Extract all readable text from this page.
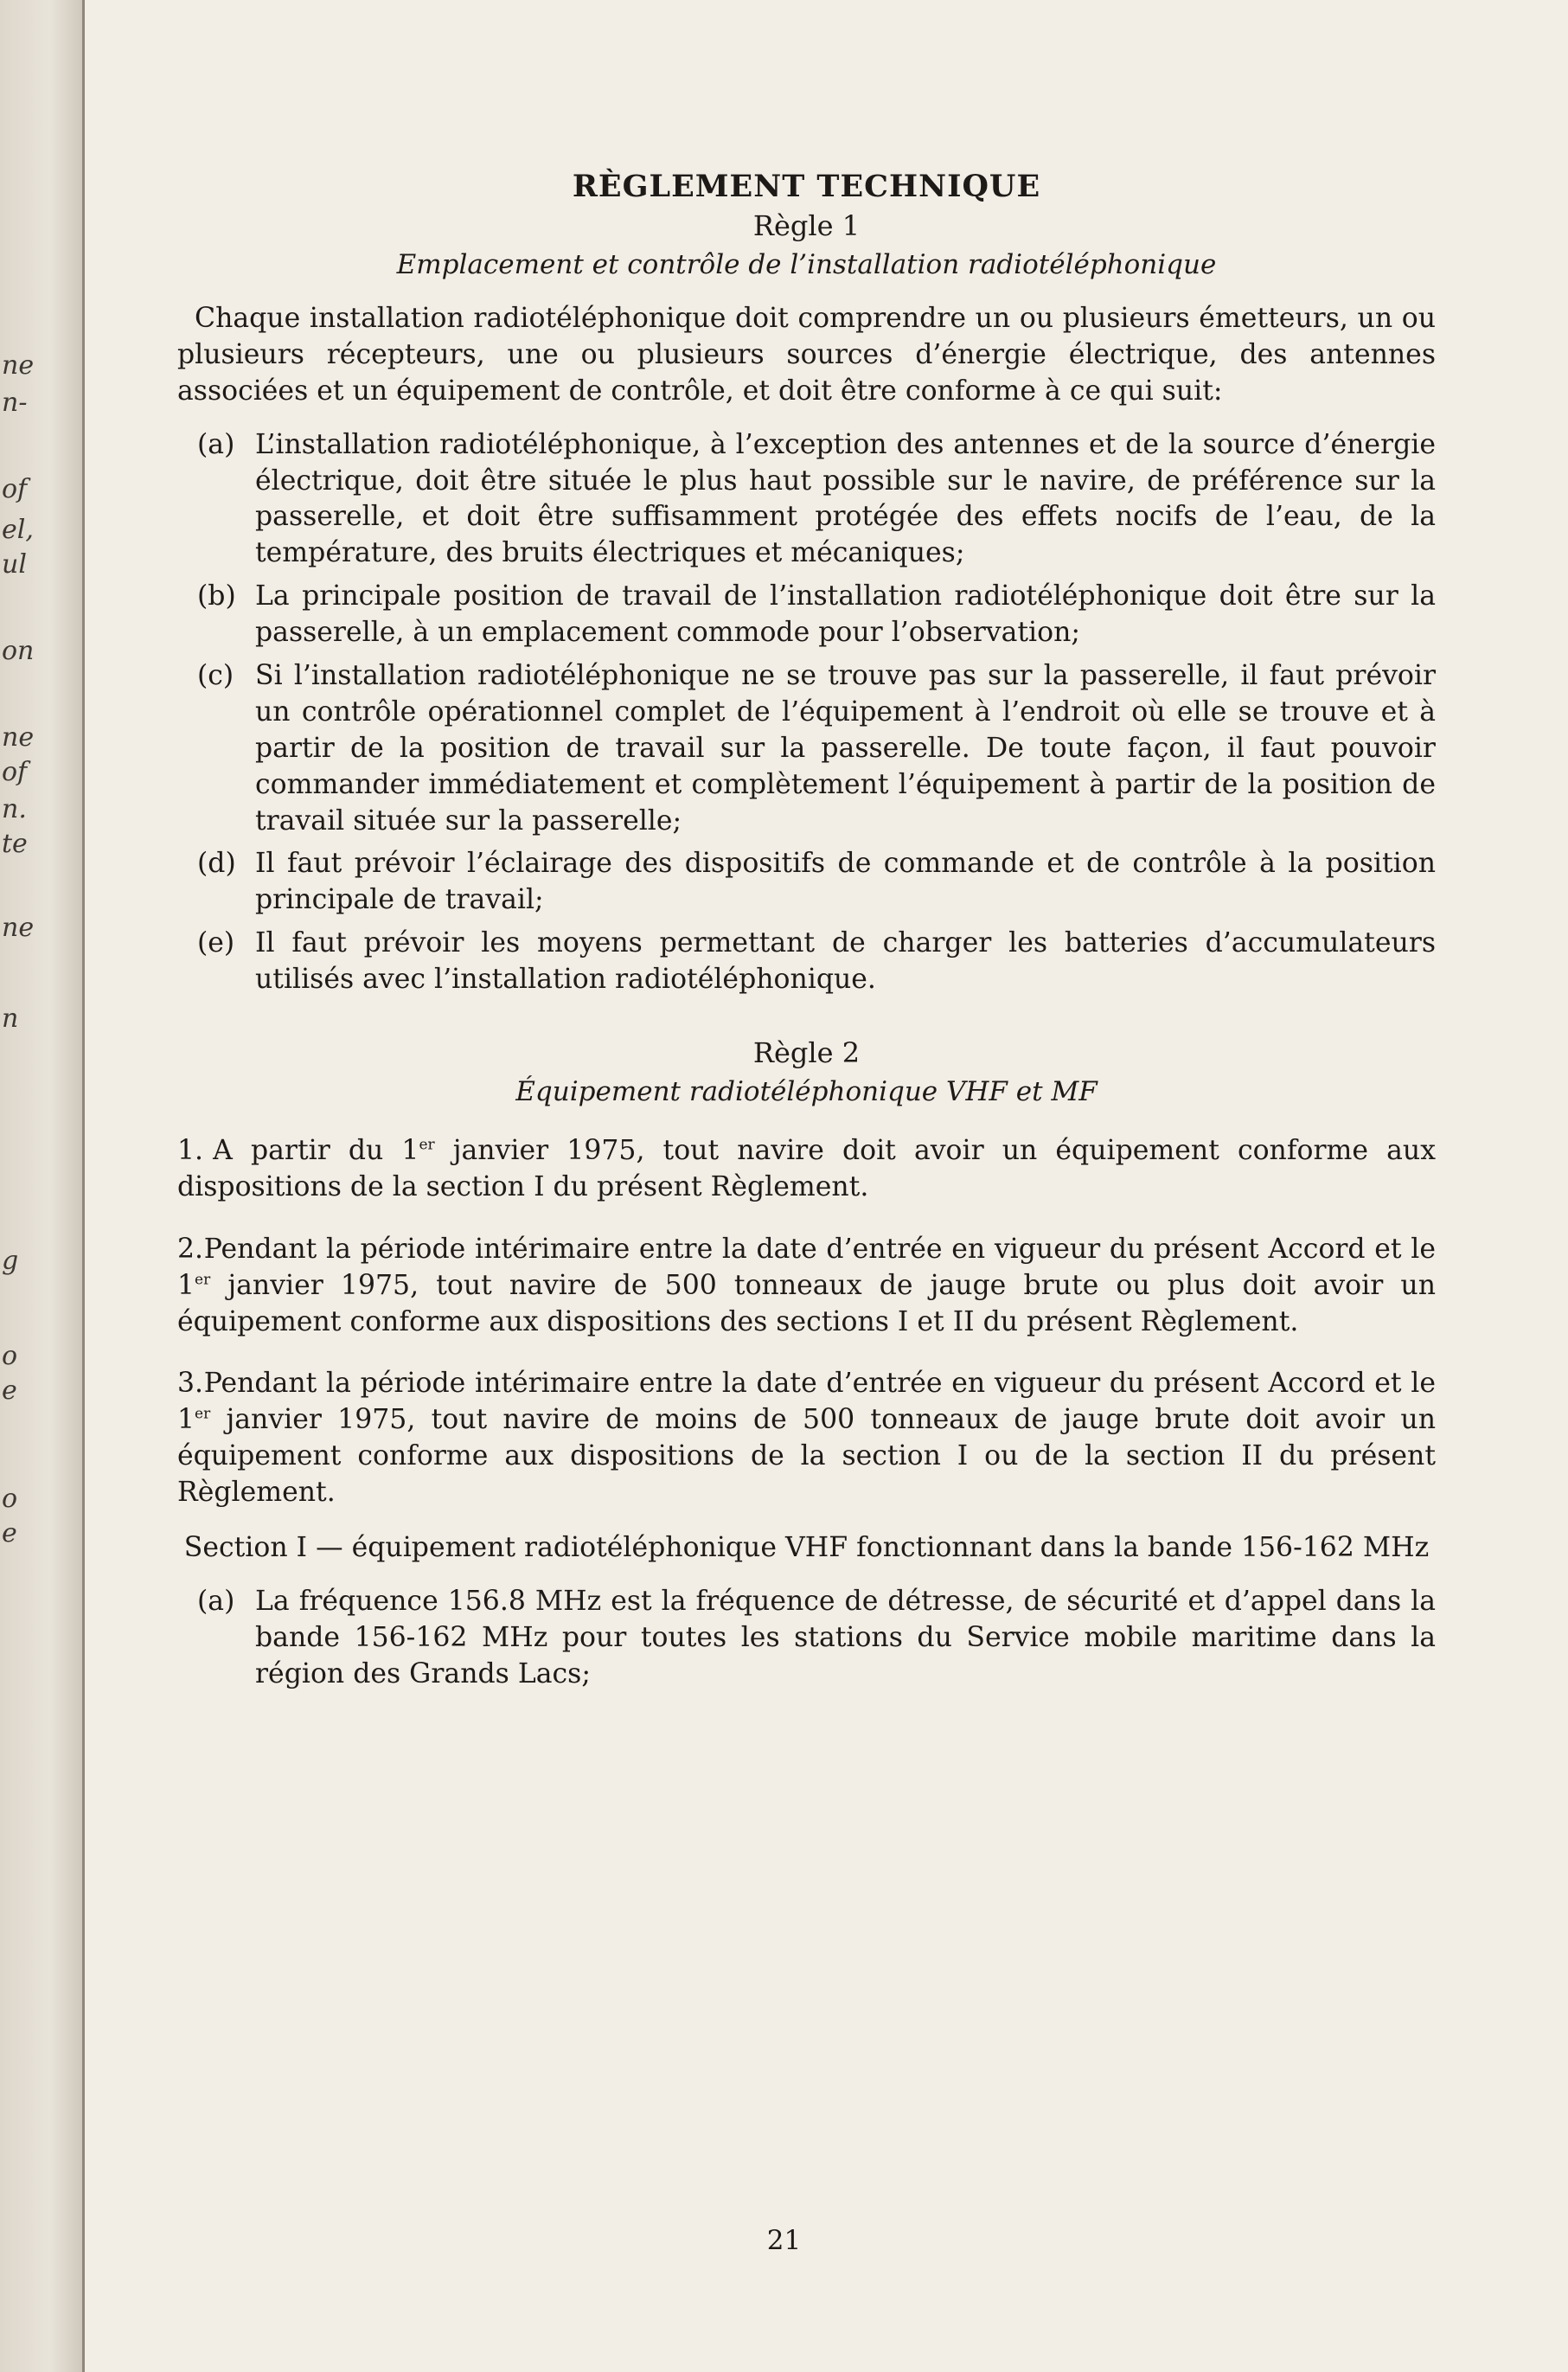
ne
n-
of
el,
ul
on
ne
of
n.
te
ne
n
g
o
e
o
e
RÈGLEMENT TECHNIQUE

Règle 1

Emplacement et contrôle de l’installation radiotéléphonique

Chaque installation radiotéléphonique doit comprendre un ou plusieurs émetteurs, un ou plusieurs récepteurs, une ou plusieurs sources d’énergie électrique, des antennes associées et un équipement de contrôle, et doit être conforme à ce qui suit:

(a) L’installation radiotéléphonique, à l’exception des antennes et de la source d’énergie électrique, doit être située le plus haut possible sur le navire, de préférence sur la passerelle, et doit être suffisamment protégée des effets nocifs de l’eau, de la température, des bruits électriques et mécaniques;
(b) La principale position de travail de l’installation radiotéléphonique doit être sur la passerelle, à un emplacement commode pour l’observation;
(c) Si l’installation radiotéléphonique ne se trouve pas sur la passerelle, il faut prévoir un contrôle opérationnel complet de l’équipement à l’endroit où elle se trouve et à partir de la position de travail sur la passerelle. De toute façon, il faut pouvoir commander immédiatement et complètement l’équipement à partir de la position de travail située sur la passerelle;
(d) Il faut prévoir l’éclairage des dispositifs de commande et de contrôle à la position principale de travail;
(e) Il faut prévoir les moyens permettant de charger les batteries d’accumulateurs utilisés avec l’installation radiotéléphonique.

Règle 2

Équipement radiotéléphonique VHF et MF

1. A partir du 1er janvier 1975, tout navire doit avoir un équipement conforme aux dispositions de la section I du présent Règlement.

2. Pendant la période intérimaire entre la date d’entrée en vigueur du présent Accord et le 1er janvier 1975, tout navire de 500 tonneaux de jauge brute ou plus doit avoir un équipement conforme aux dispositions des sections I et II du présent Règlement.

3. Pendant la période intérimaire entre la date d’entrée en vigueur du présent Accord et le 1er janvier 1975, tout navire de moins de 500 tonneaux de jauge brute doit avoir un équipement conforme aux dispositions de la section I ou de la section II du présent Règlement.

Section I — équipement radiotéléphonique VHF fonctionnant dans la bande 156-162 MHz

(a) La fréquence 156.8 MHz est la fréquence de détresse, de sécurité et d’appel dans la bande 156-162 MHz pour toutes les stations du Service mobile maritime dans la région des Grands Lacs;
21
